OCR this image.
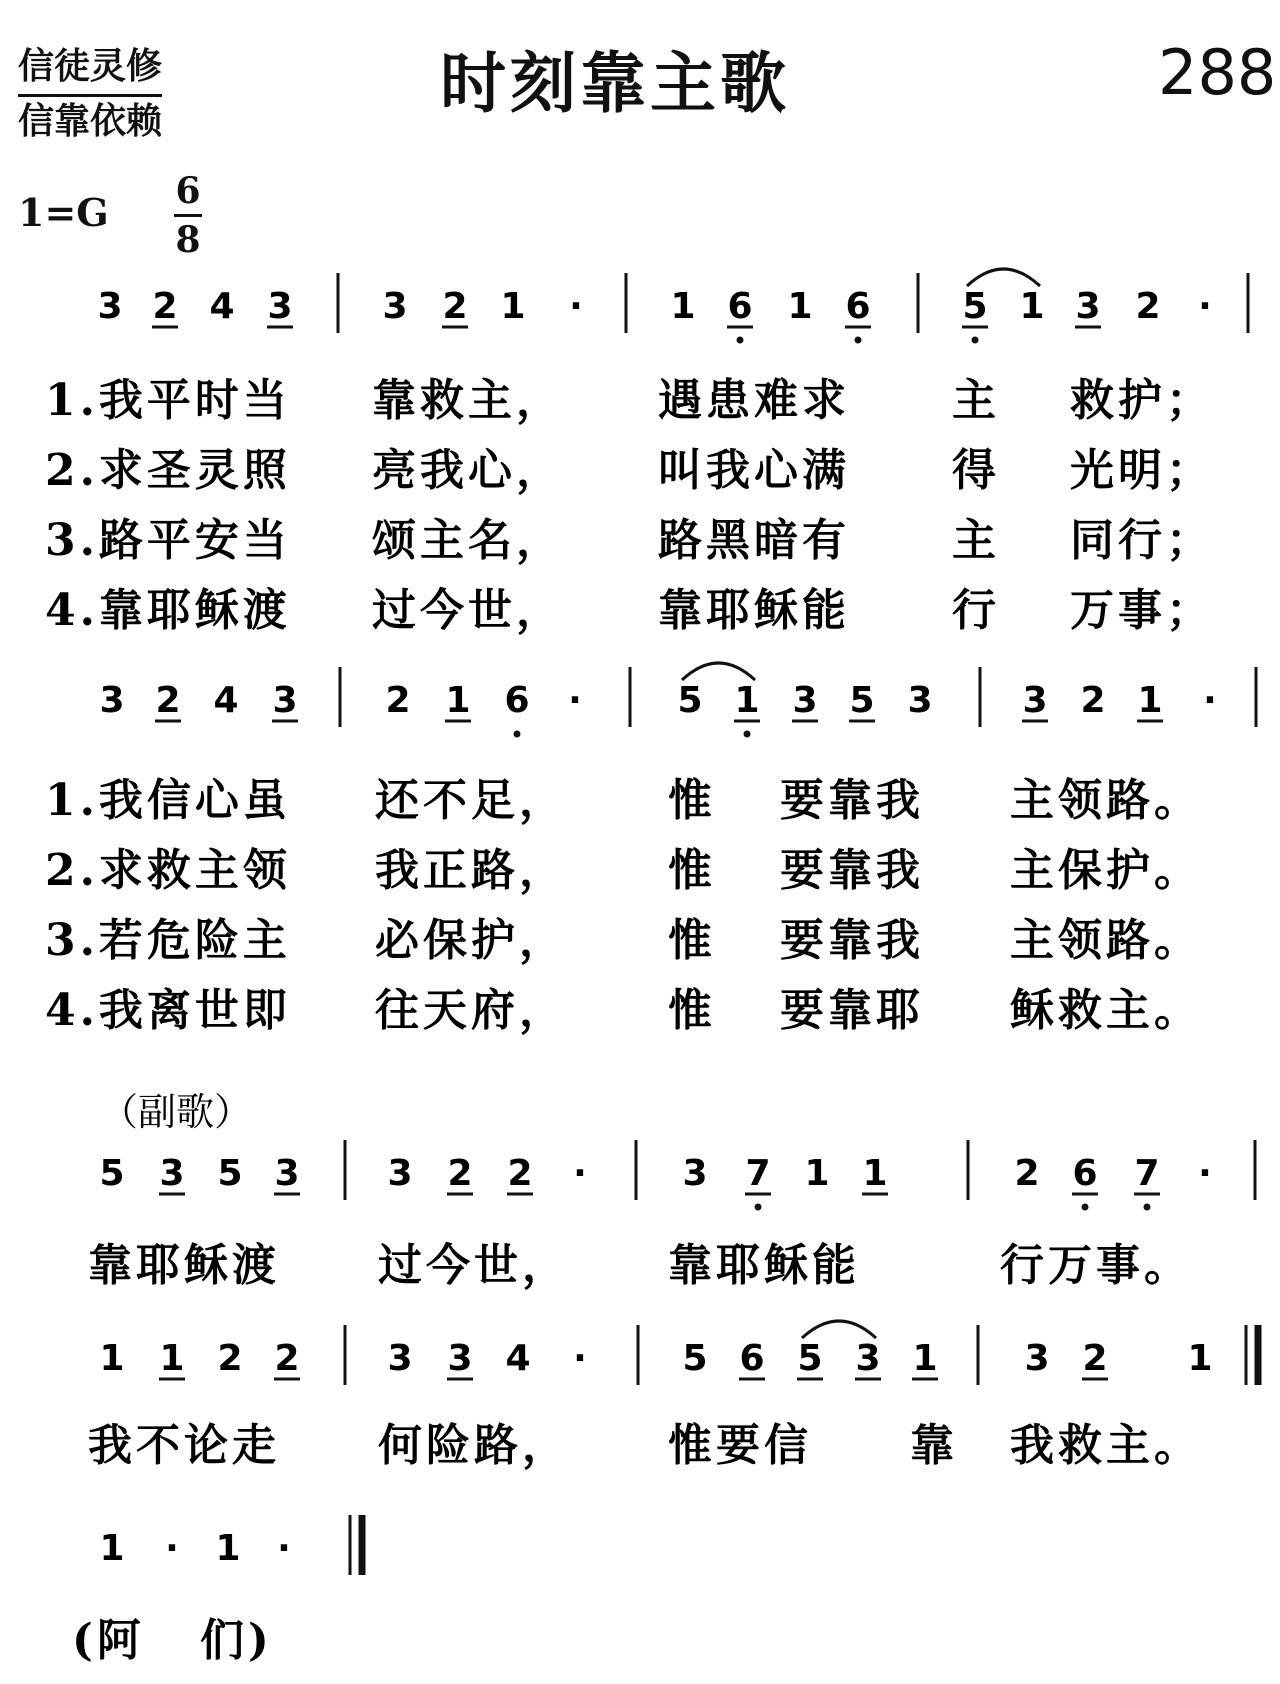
信徒灵修
信靠依赖	时刻靠主歌	288
1=G 6
8
3 2 4 3 3 2 1 · 1 6 1 6	5 1 3 2 ·
1.我平时当 靠救主， 遇患难求 主 救护；
2.求圣灵照 亮我心， 叫我心满 得 光明；
3.路平安当 颂主名， 路黑暗有 主 同行；
4.靠耶稣渡 过今世， 靠耶稣能 行 万事；
3 2 4 3 2 1 6 ·	5 1 3 5 3 3 2 1 ·
1.我信心虽 还不足， 惟 要靠我 主领路。
2.求救主领 我正路， 惟 要靠我 主保护。
3.若危险主 必保护， 惟 要靠我 主领路。
4.我离世即 往天府， 惟 要靠耶 稣救主。
（副歌）
5 3 5 3 3 2 2 ·	3 7 1 1	2 6 7 ·
靠耶稣渡 过今世， 靠耶稣能	行万事。
1 1 2 2 3 3 4 ·	5 6 5 3 1 3 2 1
我不论走 何险路， 惟要信 靠 我救主。
1 · 1 ·
(阿 们)
